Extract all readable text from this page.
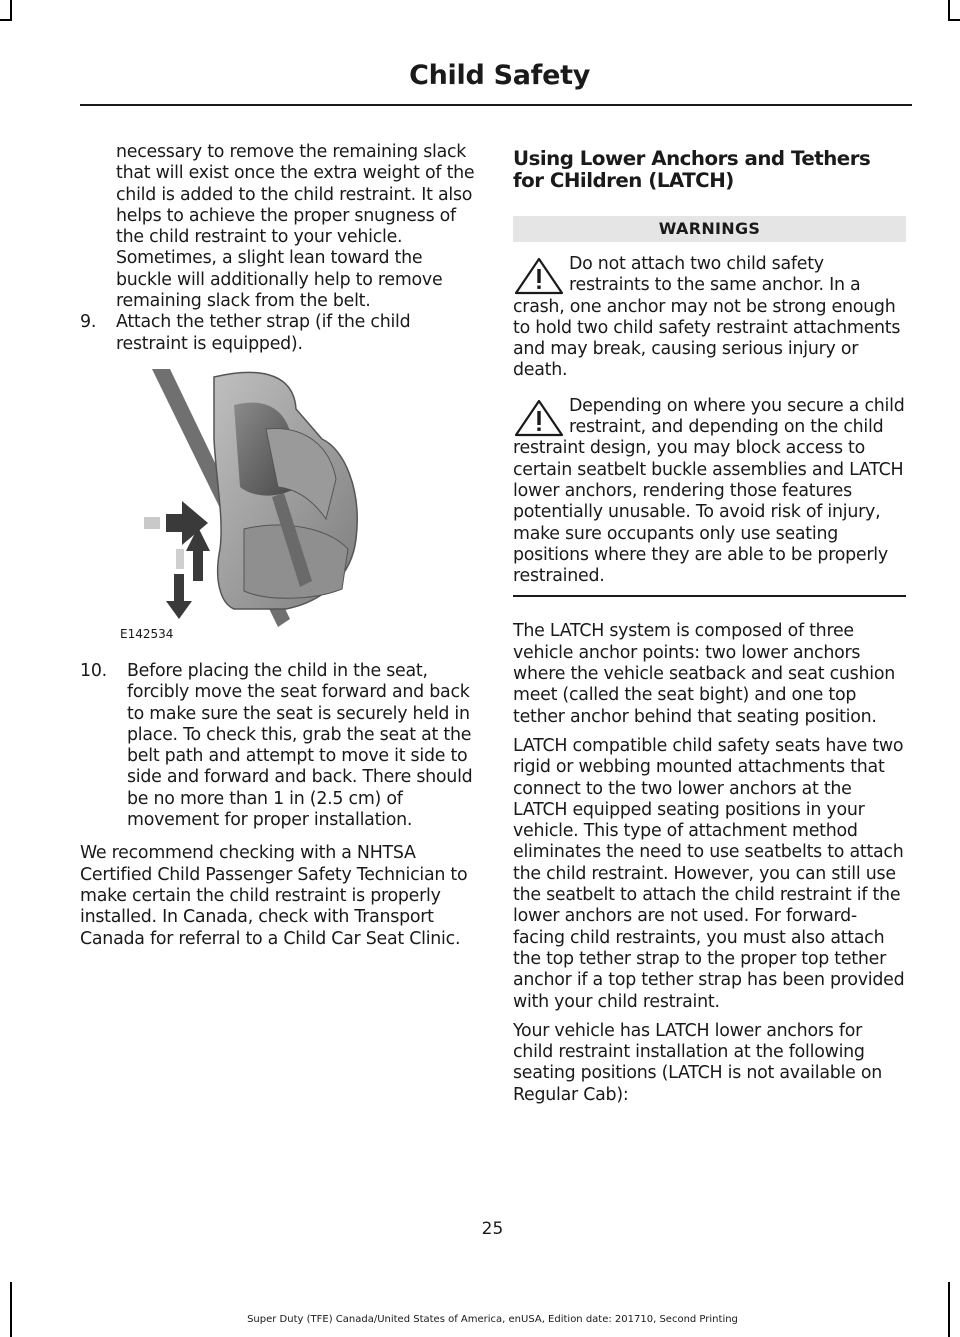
Child Safety

necessary to remove the remaining slack that will exist once the extra weight of the child is added to the child restraint. It also helps to achieve the proper snugness of the child restraint to your vehicle. Sometimes, a slight lean toward the buckle will additionally help to remove remaining slack from the belt.

9.	Attach the tether strap (if the child restraint is equipped).
E142534
10.	Before placing the child in the seat, forcibly move the seat forward and back to make sure the seat is securely held in place. To check this, grab the seat at the belt path and attempt to move it side to side and forward and back. There should be no more than 1 in (2.5 cm) of movement for proper installation.

We recommend checking with a NHTSA Certified Child Passenger Safety Technician to make certain the child restraint is properly installed. In Canada, check with Transport Canada for referral to a Child Car Seat Clinic.

Using Lower Anchors and Tethers for CHildren (LATCH)
WARNINGS
Do not attach two child safety restraints to the same anchor. In a crash, one anchor may not be strong enough to hold two child safety restraint attachments and may break, causing serious injury or death.
Depending on where you secure a child restraint, and depending on the child restraint design, you may block access to certain seatbelt buckle assemblies and LATCH lower anchors, rendering those features potentially unusable. To avoid risk of injury, make sure occupants only use seating positions where they are able to be properly restrained.

The LATCH system is composed of three vehicle anchor points: two lower anchors where the vehicle seatback and seat cushion meet (called the seat bight) and one top tether anchor behind that seating position.

LATCH compatible child safety seats have two rigid or webbing mounted attachments that connect to the two lower anchors at the LATCH equipped seating positions in your vehicle. This type of attachment method eliminates the need to use seatbelts to attach the child restraint. However, you can still use the seatbelt to attach the child restraint if the lower anchors are not used. For forward-facing child restraints, you must also attach the top tether strap to the proper top tether anchor if a top tether strap has been provided with your child restraint.

Your vehicle has LATCH lower anchors for child restraint installation at the following seating positions (LATCH is not available on Regular Cab):

25
Super Duty (TFE) Canada/United States of America, enUSA, Edition date: 201710, Second Printing
